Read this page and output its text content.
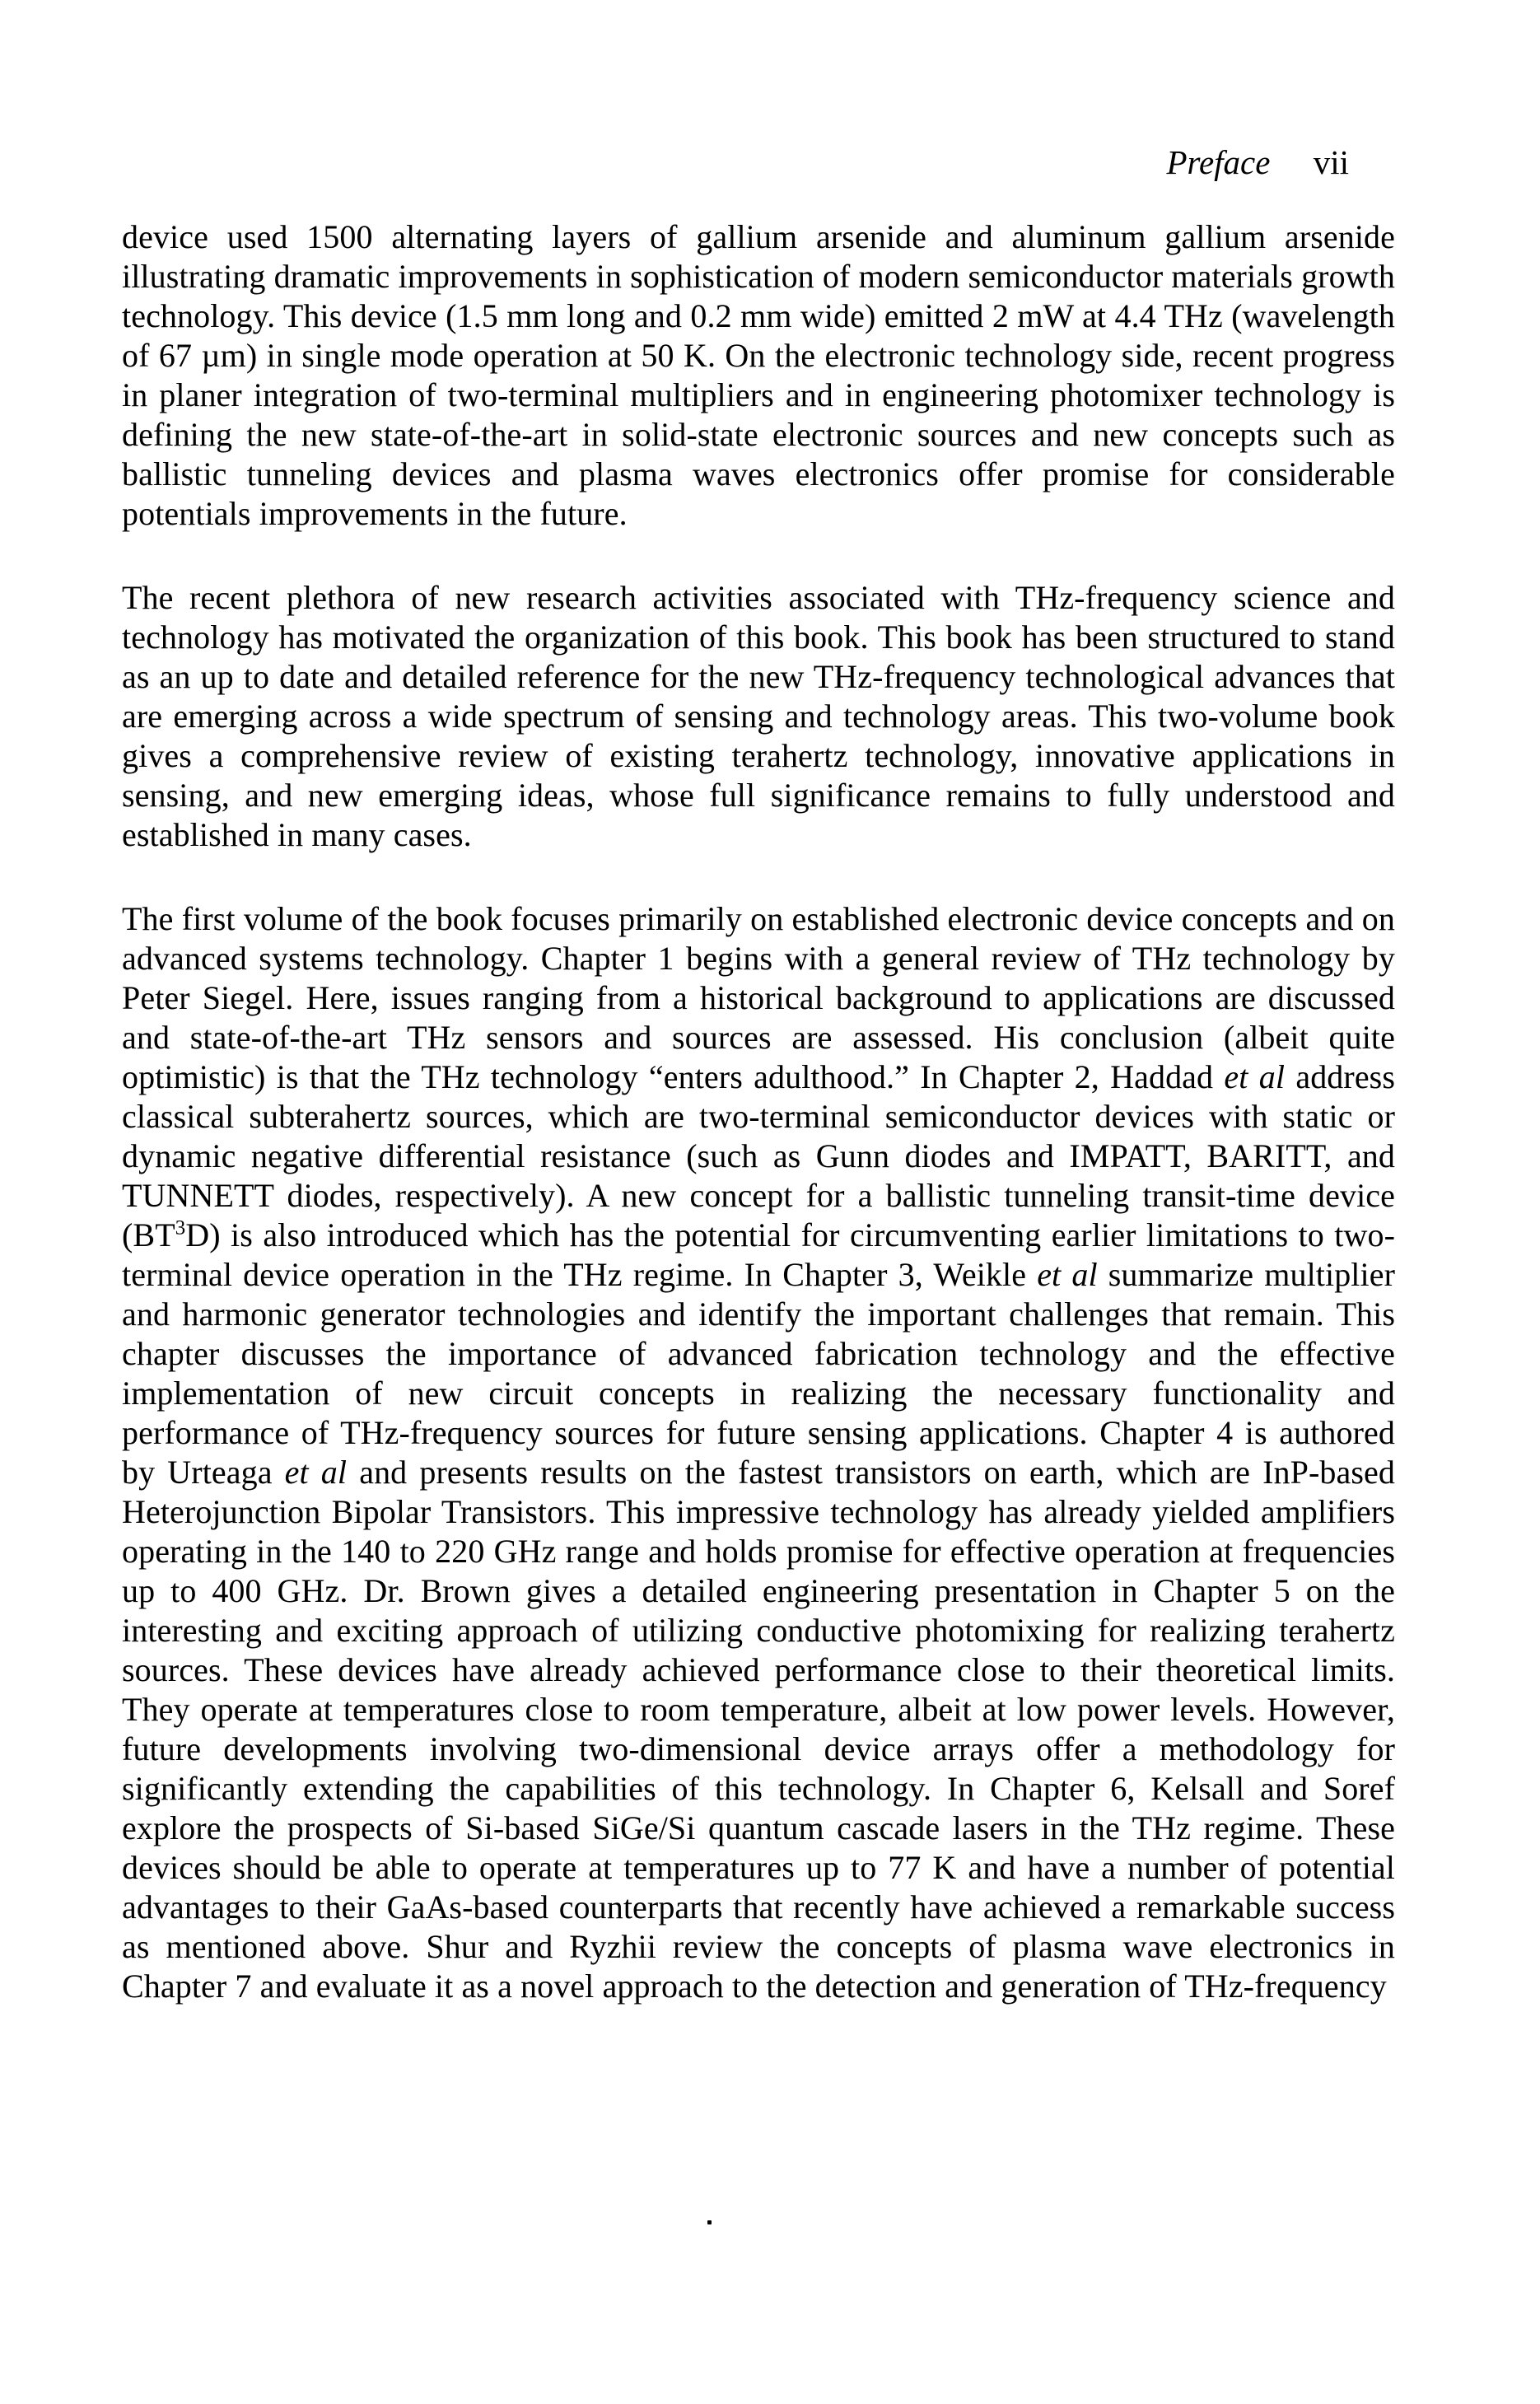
Preface vii

device used 1500 alternating layers of gallium arsenide and aluminum gallium arsenide illustrating dramatic improvements in sophistication of modern semiconductor materials growth technology. This device (1.5 mm long and 0.2 mm wide) emitted 2 mW at 4.4 THz (wavelength of 67 µm) in single mode operation at 50 K. On the electronic technology side, recent progress in planer integration of two-terminal multipliers and in engineering photomixer technology is defining the new state-of-the-art in solid-state electronic sources and new concepts such as ballistic tunneling devices and plasma waves electronics offer promise for considerable potentials improvements in the future.

The recent plethora of new research activities associated with THz-frequency science and technology has motivated the organization of this book. This book has been structured to stand as an up to date and detailed reference for the new THz-frequency technological advances that are emerging across a wide spectrum of sensing and technology areas. This two-volume book gives a comprehensive review of existing terahertz technology, innovative applications in sensing, and new emerging ideas, whose full significance remains to fully understood and established in many cases.

The first volume of the book focuses primarily on established electronic device concepts and on advanced systems technology. Chapter 1 begins with a general review of THz technology by Peter Siegel. Here, issues ranging from a historical background to applications are discussed and state-of-the-art THz sensors and sources are assessed. His conclusion (albeit quite optimistic) is that the THz technology “enters adulthood.” In Chapter 2, Haddad et al address classical subterahertz sources, which are two-terminal semiconductor devices with static or dynamic negative differential resistance (such as Gunn diodes and IMPATT, BARITT, and TUNNETT diodes, respectively). A new concept for a ballistic tunneling transit-time device $(BT^3D)$ is also introduced which has the potential for circumventing earlier limitations to two-terminal device operation in the THz regime. In Chapter 3, Weikle et al summarize multiplier and harmonic generator technologies and identify the important challenges that remain. This chapter discusses the importance of advanced fabrication technology and the effective implementation of new circuit concepts in realizing the necessary functionality and performance of THz-frequency sources for future sensing applications. Chapter 4 is authored by Urteaga et al and presents results on the fastest transistors on earth, which are InP-based Heterojunction Bipolar Transistors. This impressive technology has already yielded amplifiers operating in the 140 to 220 GHz range and holds promise for effective operation at frequencies up to 400 GHz. Dr. Brown gives a detailed engineering presentation in Chapter 5 on the interesting and exciting approach of utilizing conductive photomixing for realizing terahertz sources. These devices have already achieved performance close to their theoretical limits. They operate at temperatures close to room temperature, albeit at low power levels. However, future developments involving two-dimensional device arrays offer a methodology for significantly extending the capabilities of this technology. In Chapter 6, Kelsall and Soref explore the prospects of Si-based SiGe/Si quantum cascade lasers in the THz regime. These devices should be able to operate at temperatures up to 77 K and have a number of potential advantages to their GaAs-based counterparts that recently have achieved a remarkable success as mentioned above. Shur and Ryzhii review the concepts of plasma wave electronics in Chapter 7 and evaluate it as a novel approach to the detection and generation of THz-frequency
